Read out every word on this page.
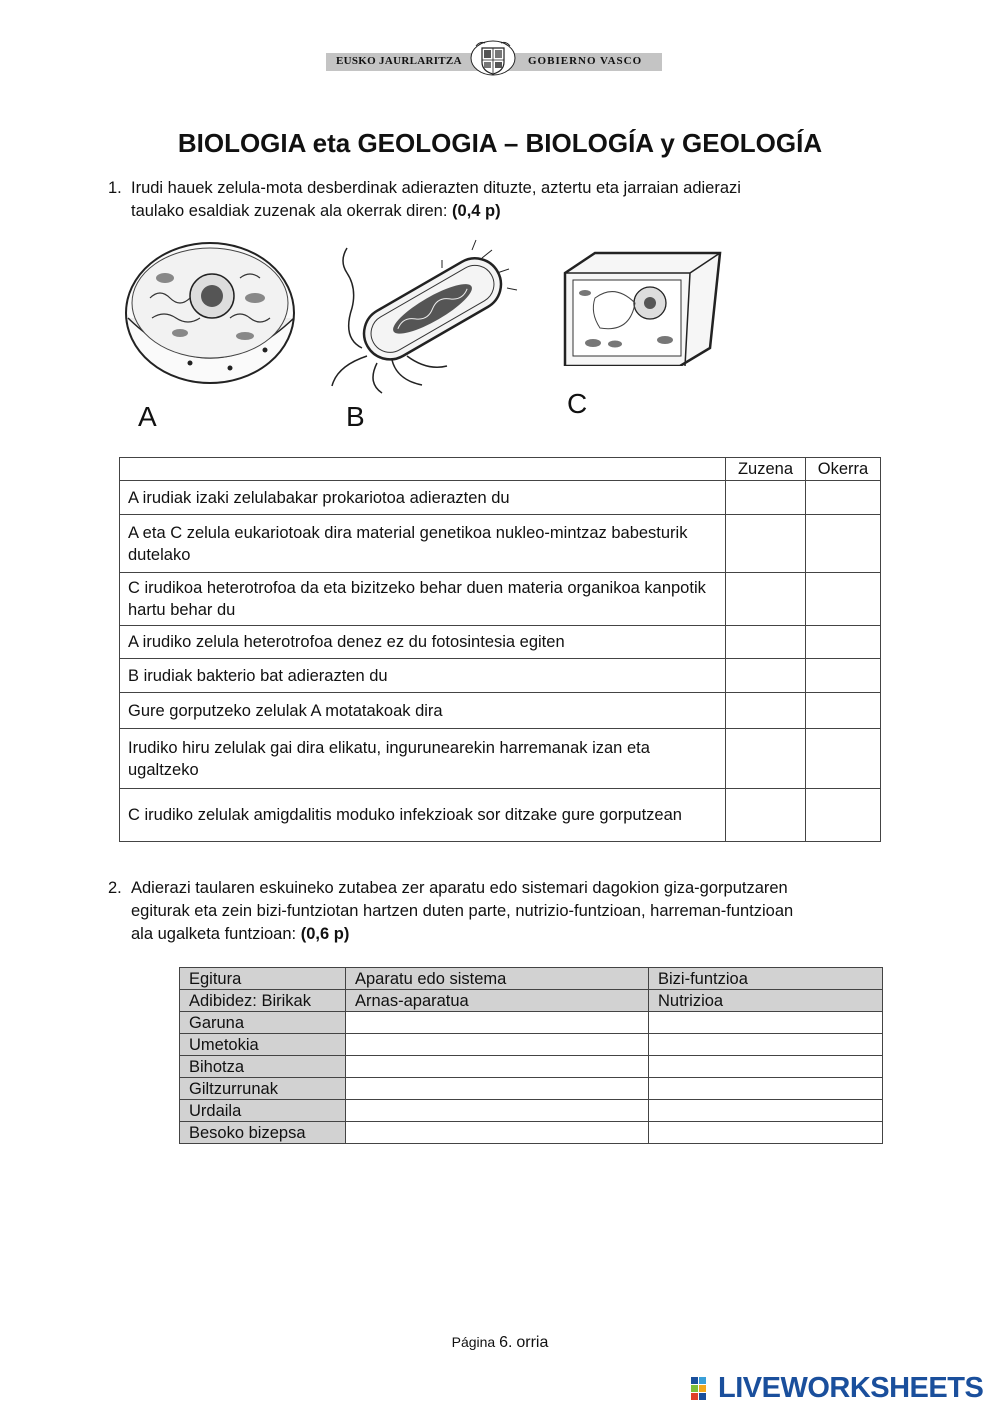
EUSKO JAURLARITZA	GOBIERNO VASCO
BIOLOGIA eta GEOLOGIA – BIOLOGÍA y GEOLOGÍA
1. Irudi hauek zelula-mota desberdinak adierazten dituzte, aztertu eta jarraian adierazi
taulako esaldiak zuzenak ala okerrak diren: (0,4 p)
A	B	C
	Zuzena	Okerra
A irudiak izaki zelulabakar prokariotoa adierazten du		
A eta C zelula eukariotoak dira material genetikoa nukleo-mintzaz babesturik dutelako		
C irudikoa heterotrofoa da eta bizitzeko behar duen materia organikoa kanpotik hartu behar du		
A irudiko zelula heterotrofoa denez ez du fotosintesia egiten		
B irudiak bakterio bat adierazten du		
Gure gorputzeko zelulak A motatakoak dira		
Irudiko hiru zelulak gai dira elikatu, ingurunearekin harremanak izan eta ugaltzeko		
C irudiko zelulak amigdalitis moduko infekzioak sor ditzake gure gorputzean		
2. Adierazi taularen eskuineko zutabea zer aparatu edo sistemari dagokion giza-gorputzaren
egiturak eta zein bizi-funtziotan hartzen duten parte, nutrizio-funtzioan, harreman-funtzioan
ala ugalketa funtzioan: (0,6 p)
Egitura	Aparatu edo sistema	Bizi-funtzioa
Adibidez: Birikak	Arnas-aparatua	Nutrizioa
Garuna		
Umetokia		
Bihotza		
Giltzurrunak		
Urdaila		
Besoko bizepsa		
Página 6. orria
LIVEWORKSHEETS
